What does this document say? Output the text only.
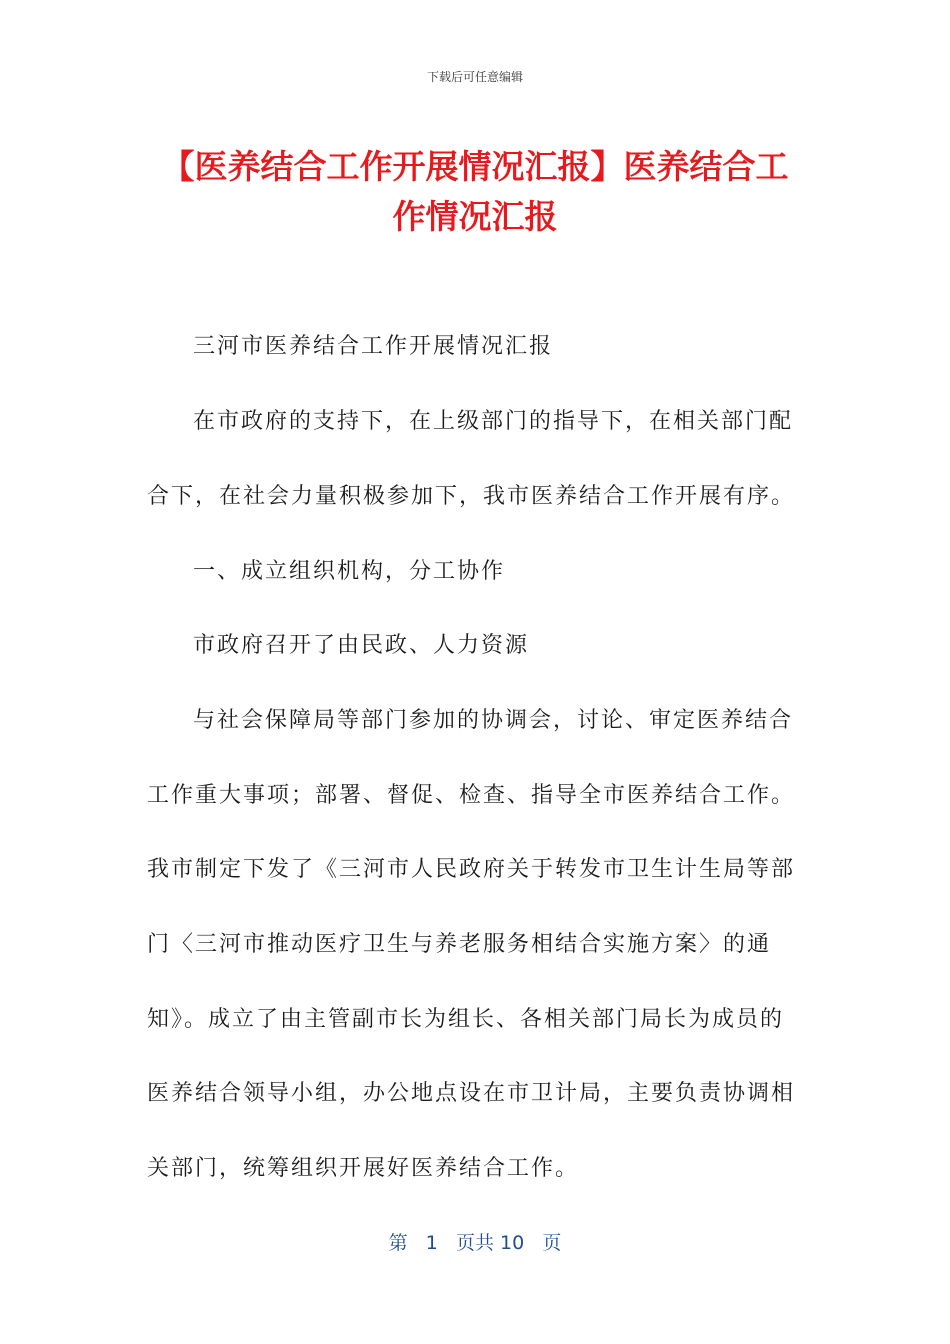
下载后可任意编辑
【医养结合工作开展情况汇报】医养结合工
作情况汇报
三河市医养结合工作开展情况汇报
在市政府的支持下，在上级部门的指导下，在相关部门配
合下，在社会力量积极参加下，我市医养结合工作开展有序。
一、成立组织机构，分工协作
市政府召开了由民政、人力资源
与社会保障局等部门参加的协调会，讨论、审定医养结合
工作重大事项；部署、督促、检查、指导全市医养结合工作。
我市制定下发了《三河市人民政府关于转发市卫生计生局等部
门〈三河市推动医疗卫生与养老服务相结合实施方案〉的通
知》。成立了由主管副市长为组长、各相关部门局长为成员的
医养结合领导小组，办公地点设在市卫计局，主要负责协调相
关部门，统筹组织开展好医养结合工作。
第 1 页共 10 页
